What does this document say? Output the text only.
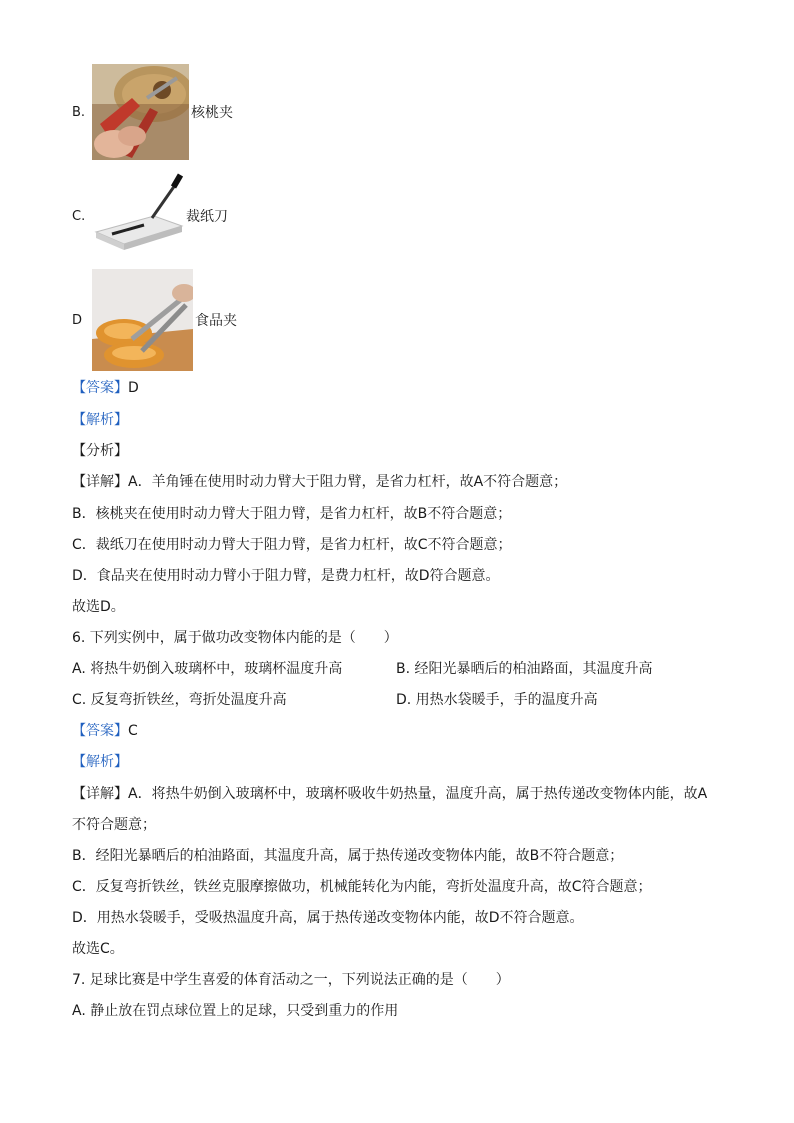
B.	核桃夹
C.	裁纸刀
D	食品夹
【答案】D
【解析】
【分析】
【详解】A．羊角锤在使用时动力臂大于阻力臂，是省力杠杆，故A不符合题意；
B．核桃夹在使用时动力臂大于阻力臂，是省力杠杆，故B不符合题意；
C．裁纸刀在使用时动力臂大于阻力臂，是省力杠杆，故C不符合题意；
D．食品夹在使用时动力臂小于阻力臂，是费力杠杆，故D符合题意。
故选D。
6. 下列实例中，属于做功改变物体内能的是（　　）
A. 将热牛奶倒入玻璃杯中，玻璃杯温度升高	B. 经阳光暴晒后的柏油路面，其温度升高
C. 反复弯折铁丝，弯折处温度升高	D. 用热水袋暖手，手的温度升高
【答案】C
【解析】
【详解】A．将热牛奶倒入玻璃杯中，玻璃杯吸收牛奶热量，温度升高，属于热传递改变物体内能，故A
不符合题意；
B．经阳光暴晒后的柏油路面，其温度升高，属于热传递改变物体内能，故B不符合题意；
C．反复弯折铁丝，铁丝克服摩擦做功，机械能转化为内能，弯折处温度升高，故C符合题意；
D．用热水袋暖手，受吸热温度升高，属于热传递改变物体内能，故D不符合题意。
故选C。
7. 足球比赛是中学生喜爱的体育活动之一，下列说法正确的是（　　）
A. 静止放在罚点球位置上的足球，只受到重力的作用
